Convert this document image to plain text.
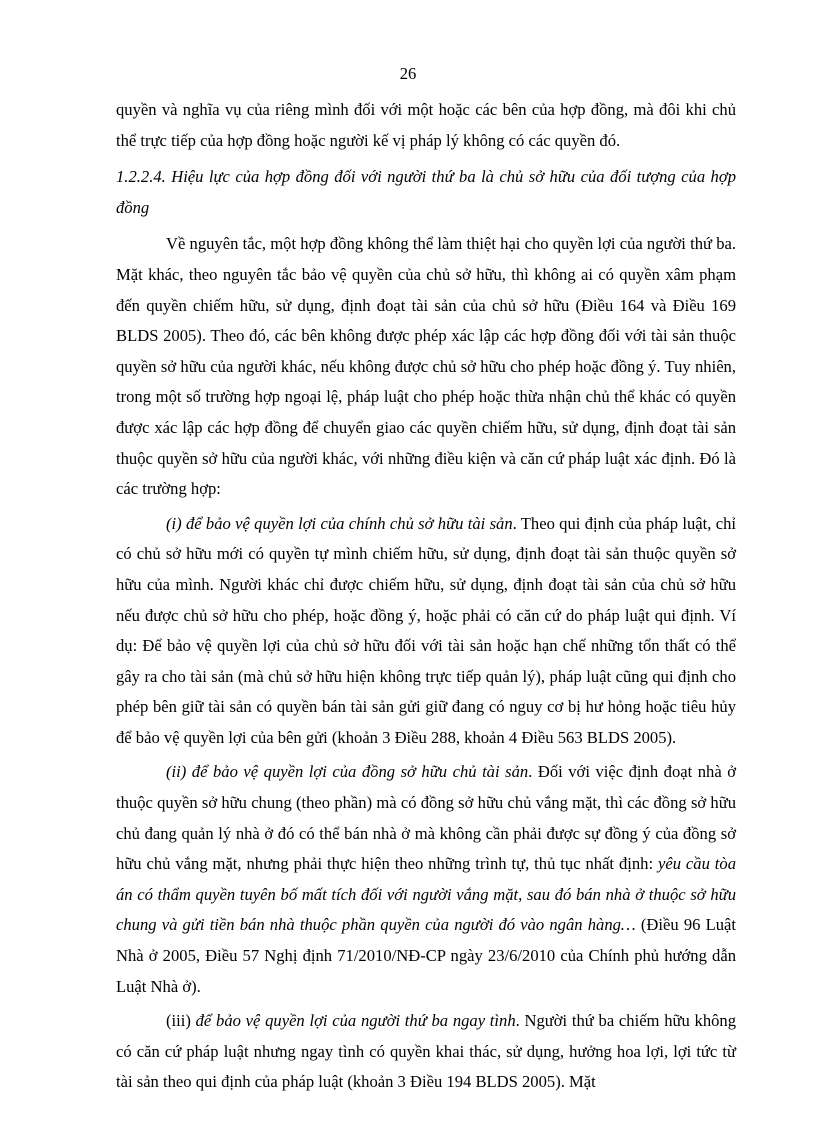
26

quyền và nghĩa vụ của riêng mình đối với một hoặc các bên của hợp đồng, mà đôi khi chủ thể trực tiếp của hợp đồng hoặc người kế vị pháp lý không có các quyền đó.

1.2.2.4. Hiệu lực của hợp đồng đối với người thứ ba là chủ sở hữu của đối tượng của hợp đồng

Về nguyên tắc, một hợp đồng không thể làm thiệt hại cho quyền lợi của người thứ ba. Mặt khác, theo nguyên tắc bảo vệ quyền của chủ sở hữu, thì không ai có quyền xâm phạm đến quyền chiếm hữu, sử dụng, định đoạt tài sản của chủ sở hữu (Điều 164 và Điều 169 BLDS 2005). Theo đó, các bên không được phép xác lập các hợp đồng đối với tài sản thuộc quyền sở hữu của người khác, nếu không được chủ sở hữu cho phép hoặc đồng ý. Tuy nhiên, trong một số trường hợp ngoại lệ, pháp luật cho phép hoặc thừa nhận chủ thể khác có quyền được xác lập các hợp đồng để chuyển giao các quyền chiếm hữu, sử dụng, định đoạt tài sản thuộc quyền sở hữu của người khác, với những điều kiện và căn cứ pháp luật xác định. Đó là các trường hợp:

(i) để bảo vệ quyền lợi của chính chủ sở hữu tài sản. Theo qui định của pháp luật, chỉ có chủ sở hữu mới có quyền tự mình chiếm hữu, sử dụng, định đoạt tài sản thuộc quyền sở hữu của mình. Người khác chỉ được chiếm hữu, sử dụng, định đoạt tài sản của chủ sở hữu nếu được chủ sở hữu cho phép, hoặc đồng ý, hoặc phải có căn cứ do pháp luật qui định. Ví dụ: Để bảo vệ quyền lợi của chủ sở hữu đối với tài sản hoặc hạn chế những tổn thất có thể gây ra cho tài sản (mà chủ sở hữu hiện không trực tiếp quản lý), pháp luật cũng qui định cho phép bên giữ tài sản có quyền bán tài sản gửi giữ đang có nguy cơ bị hư hỏng hoặc tiêu hủy để bảo vệ quyền lợi của bên gửi (khoản 3 Điều 288, khoản 4 Điều 563 BLDS 2005).

(ii) để bảo vệ quyền lợi của đồng sở hữu chủ tài sản. Đối với việc định đoạt nhà ở thuộc quyền sở hữu chung (theo phần) mà có đồng sở hữu chủ vắng mặt, thì các đồng sở hữu chủ đang quản lý nhà ở đó có thể bán nhà ở mà không cần phải được sự đồng ý của đồng sở hữu chủ vắng mặt, nhưng phải thực hiện theo những trình tự, thủ tục nhất định: yêu cầu tòa án có thẩm quyền tuyên bố mất tích đối với người vắng mặt, sau đó bán nhà ở thuộc sở hữu chung và gửi tiền bán nhà thuộc phần quyền của người đó vào ngân hàng… (Điều 96 Luật Nhà ở 2005, Điều 57 Nghị định 71/2010/NĐ-CP ngày 23/6/2010 của Chính phủ hướng dẫn Luật Nhà ở).

(iii) để bảo vệ quyền lợi của người thứ ba ngay tình. Người thứ ba chiếm hữu không có căn cứ pháp luật nhưng ngay tình có quyền khai thác, sử dụng, hưởng hoa lợi, lợi tức từ tài sản theo qui định của pháp luật (khoản 3 Điều 194 BLDS 2005). Mặt
